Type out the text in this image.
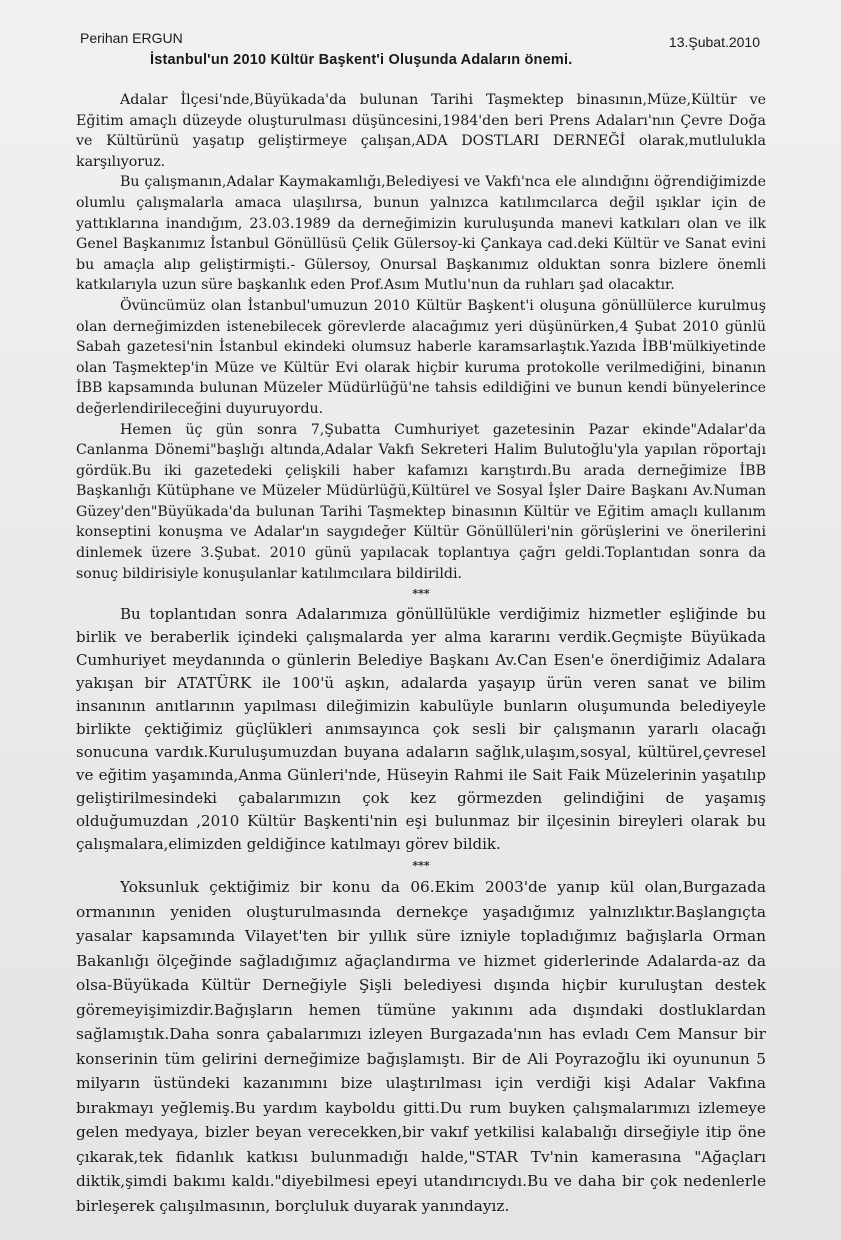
Perihan ERGUN	13.Şubat.2010
İstanbul'un 2010 Kültür Başkent'i Oluşunda Adaların önemi.

Adalar İlçesi'nde,Büyükada'da bulunan Tarihi Taşmektep binasının,Müze,Kültür ve Eğitim amaçlı düzeyde oluşturulması düşüncesini,1984'den beri Prens Adaları'nın Çevre Doğa ve Kültürünü yaşatıp geliştirmeye çalışan,ADA DOSTLARI DERNEĞİ olarak,mutlulukla karşılıyoruz.

Bu çalışmanın,Adalar Kaymakamlığı,Belediyesi ve Vakfı'nca ele alındığını öğrendiğimizde olumlu çalışmalarla amaca ulaşılırsa, bunun yalnızca katılımcılarca değil ışıklar için de yattıklarına inandığım, 23.03.1989 da derneğimizin kuruluşunda manevi katkıları olan ve ilk Genel Başkanımız İstanbul Gönüllüsü Çelik Gülersoy-ki Çankaya cad.deki Kültür ve Sanat evini bu amaçla alıp geliştirmişti.- Gülersoy, Onursal Başkanımız olduktan sonra bizlere önemli katkılarıyla uzun süre başkanlık eden Prof.Asım Mutlu'nun da ruhları şad olacaktır.

Övüncümüz olan İstanbul'umuzun 2010 Kültür Başkent'i oluşuna gönüllülerce kurulmuş olan derneğimizden istenebilecek görevlerde alacağımız yeri düşünürken,4 Şubat 2010 günlü Sabah gazetesi'nin İstanbul ekindeki olumsuz haberle karamsarlaştık.Yazıda İBB'mülkiyetinde olan Taşmektep'in Müze ve Kültür Evi olarak hiçbir kuruma protokolle verilmediğini, binanın İBB kapsamında bulunan Müzeler Müdürlüğü'ne tahsis edildiğini ve bunun kendi bünyelerince değerlendirileceğini duyuruyordu.

Hemen üç gün sonra 7,Şubatta Cumhuriyet gazetesinin Pazar ekinde"Adalar'da Canlanma Dönemi"başlığı altında,Adalar Vakfı Sekreteri Halim Bulutoğlu'yla yapılan röportajı gördük.Bu iki gazetedeki çelişkili haber kafamızı karıştırdı.Bu arada derneğimize İBB Başkanlığı Kütüphane ve Müzeler Müdürlüğü,Kültürel ve Sosyal İşler Daire Başkanı Av.Numan Güzey'den"Büyükada'da bulunan Tarihi Taşmektep binasının Kültür ve Eğitim amaçlı kullanım konseptini konuşma ve Adalar'ın saygıdeğer Kültür Gönüllüleri'nin görüşlerini ve önerilerini dinlemek üzere 3.Şubat. 2010 günü yapılacak toplantıya çağrı geldi.Toplantıdan sonra da sonuç bildirisiyle konuşulanlar katılımcılara bildirildi.

***

Bu toplantıdan sonra Adalarımıza gönüllülükle verdiğimiz hizmetler eşliğinde bu birlik ve beraberlik içindeki çalışmalarda yer alma kararını verdik.Geçmişte Büyükada Cumhuriyet meydanında o günlerin Belediye Başkanı Av.Can Esen'e önerdiğimiz Adalara yakışan bir ATATÜRK ile 100'ü aşkın, adalarda yaşayıp ürün veren sanat ve bilim insanının anıtlarının yapılması dileğimizin kabulüyle bunların oluşumunda belediyeyle birlikte çektiğimiz güçlükleri anımsayınca çok sesli bir çalışmanın yararlı olacağı sonucuna vardık.Kuruluşumuzdan buyana adaların sağlık,ulaşım,sosyal, kültürel,çevresel ve eğitim yaşamında,Anma Günleri'nde, Hüseyin Rahmi ile Sait Faik Müzelerinin yaşatılıp geliştirilmesindeki çabalarımızın çok kez görmezden gelindiğini de yaşamış olduğumuzdan ,2010 Kültür Başkenti'nin eşi bulunmaz bir ilçesinin bireyleri olarak bu çalışmalara,elimizden geldiğince katılmayı görev bildik.

***

Yoksunluk çektiğimiz bir konu da 06.Ekim 2003'de yanıp kül olan,Burgazada ormanının yeniden oluşturulmasında dernekçe yaşadığımız yalnızlıktır.Başlangıçta yasalar kapsamında Vilayet'ten bir yıllık süre izniyle topladığımız bağışlarla Orman Bakanlığı ölçeğinde sağladığımız ağaçlandırma ve hizmet giderlerinde Adalarda-az da olsa-Büyükada Kültür Derneğiyle Şişli belediyesi dışında hiçbir kuruluştan destek göremeyişimizdir.Bağışların hemen tümüne yakınını ada dışındaki dostluklardan sağlamıştık.Daha sonra çabalarımızı izleyen Burgazada'nın has evladı Cem Mansur bir konserinin tüm gelirini derneğimize bağışlamıştı. Bir de Ali Poyrazoğlu iki oyununun 5 milyarın üstündeki kazanımını bize ulaştırılması için verdiği kişi Adalar Vakfına bırakmayı yeğlemiş.Bu yardım kayboldu gitti.Du rum buyken çalışmalarımızı izlemeye gelen medyaya, bizler beyan verecekken,bir vakıf yetkilisi kalabalığı dirseğiyle itip öne çıkarak,tek fidanlık katkısı bulunmadığı halde,"STAR Tv'nin kamerasına "Ağaçları diktik,şimdi bakımı kaldı."diyebilmesi epeyi utandırıcıydı.Bu ve daha bir çok nedenlerle birleşerek çalışılmasının, borçluluk duyarak yanındayız.
